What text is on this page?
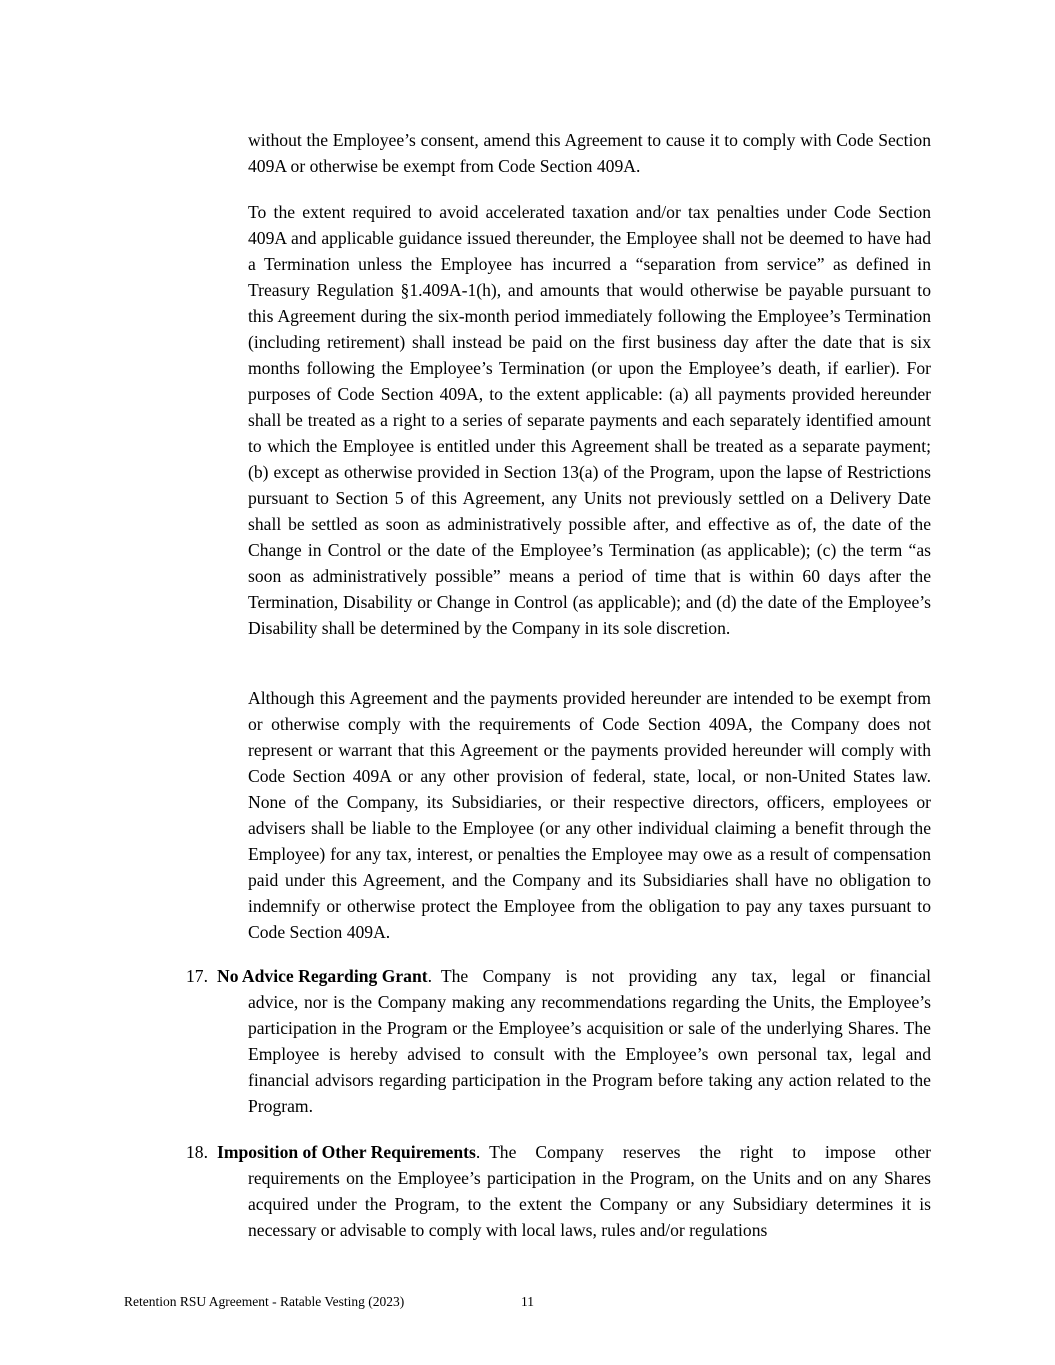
without the Employee’s consent, amend this Agreement to cause it to comply with Code Section 409A or otherwise be exempt from Code Section 409A.

To the extent required to avoid accelerated taxation and/or tax penalties under Code Section 409A and applicable guidance issued thereunder, the Employee shall not be deemed to have had a Termination unless the Employee has incurred a “separation from service” as defined in Treasury Regulation §1.409A-1(h), and amounts that would otherwise be payable pursuant to this Agreement during the six-month period immediately following the Employee’s Termination (including retirement) shall instead be paid on the first business day after the date that is six months following the Employee’s Termination (or upon the Employee’s death, if earlier). For purposes of Code Section 409A, to the extent applicable: (a) all payments provided hereunder shall be treated as a right to a series of separate payments and each separately identified amount to which the Employee is entitled under this Agreement shall be treated as a separate payment; (b) except as otherwise provided in Section 13(a) of the Program, upon the lapse of Restrictions pursuant to Section 5 of this Agreement, any Units not previously settled on a Delivery Date shall be settled as soon as administratively possible after, and effective as of, the date of the Change in Control or the date of the Employee’s Termination (as applicable); (c) the term “as soon as administratively possible” means a period of time that is within 60 days after the Termination, Disability or Change in Control (as applicable); and (d) the date of the Employee’s Disability shall be determined by the Company in its sole discretion.

Although this Agreement and the payments provided hereunder are intended to be exempt from or otherwise comply with the requirements of Code Section 409A, the Company does not represent or warrant that this Agreement or the payments provided hereunder will comply with Code Section 409A or any other provision of federal, state, local, or non-United States law. None of the Company, its Subsidiaries, or their respective directors, officers, employees or advisers shall be liable to the Employee (or any other individual claiming a benefit through the Employee) for any tax, interest, or penalties the Employee may owe as a result of compensation paid under this Agreement, and the Company and its Subsidiaries shall have no obligation to indemnify or otherwise protect the Employee from the obligation to pay any taxes pursuant to Code Section 409A.

17. No Advice Regarding Grant. The Company is not providing any tax, legal or financial
advice, nor is the Company making any recommendations regarding the Units, the Employee’s participation in the Program or the Employee’s acquisition or sale of the underlying Shares. The Employee is hereby advised to consult with the Employee’s own personal tax, legal and financial advisors regarding participation in the Program before taking any action related to the Program.
18. Imposition of Other Requirements. The Company reserves the right to impose other
requirements on the Employee’s participation in the Program, on the Units and on any Shares acquired under the Program, to the extent the Company or any Subsidiary determines it is necessary or advisable to comply with local laws, rules and/or regulations
Retention RSU Agreement - Ratable Vesting (2023)	11
